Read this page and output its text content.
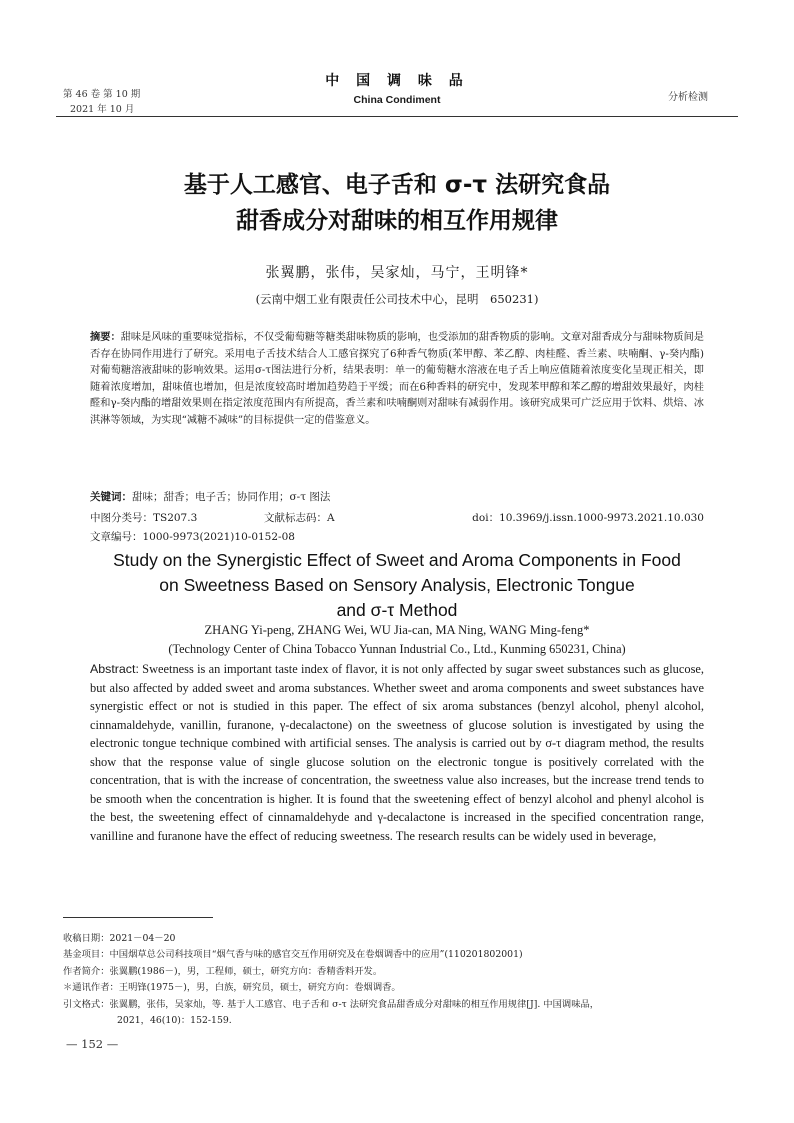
第 46 卷 第 10 期
2021 年 10 月
中 国 调 味 品
China Condiment	分析检测
基于人工感官、电子舌和 σ-τ 法研究食品
甜香成分对甜味的相互作用规律
张翼鹏，张伟，吴家灿，马宁，王明锋*
(云南中烟工业有限责任公司技术中心，昆明　650231)
摘要：甜味是风味的重要味觉指标，不仅受葡萄糖等糖类甜味物质的影响，也受添加的甜香物质的影响。文章对甜香成分与甜味物质间是否存在协同作用进行了研究。采用电子舌技术结合人工感官探究了6种香气物质(苯甲醇、苯乙醇、肉桂醛、香兰素、呋喃酮、γ-癸内酯)对葡萄糖溶液甜味的影响效果。运用σ-τ图法进行分析，结果表明：单一的葡萄糖水溶液在电子舌上响应值随着浓度变化呈现正相关，即随着浓度增加，甜味值也增加，但是浓度较高时增加趋势趋于平缓；而在6种香料的研究中，发现苯甲醇和苯乙醇的增甜效果最好，肉桂醛和γ-癸内酯的增甜效果则在指定浓度范围内有所提高，香兰素和呋喃酮则对甜味有减弱作用。该研究成果可广泛应用于饮料、烘焙、冰淇淋等领域，为实现“减糖不减味”的目标提供一定的借鉴意义。
关键词：甜味；甜香；电子舌；协同作用；σ-τ 图法
中图分类号：TS207.3	文献标志码：A	doi：10.3969/j.issn.1000-9973.2021.10.030
文章编号：1000-9973(2021)10-0152-08
Study on the Synergistic Effect of Sweet and Aroma Components in Food
on Sweetness Based on Sensory Analysis, Electronic Tongue
and σ-τ Method
ZHANG Yi-peng, ZHANG Wei, WU Jia-can, MA Ning, WANG Ming-feng*
(Technology Center of China Tobacco Yunnan Industrial Co., Ltd., Kunming 650231, China)
Abstract: Sweetness is an important taste index of flavor, it is not only affected by sugar sweet substances such as glucose, but also affected by added sweet and aroma substances. Whether sweet and aroma components and sweet substances have synergistic effect or not is studied in this paper. The effect of six aroma substances (benzyl alcohol, phenyl alcohol, cinnamaldehyde, vanillin, furanone, γ-decalactone) on the sweetness of glucose solution is investigated by using the electronic tongue technique combined with artificial senses. The analysis is carried out by σ-τ diagram method, the results show that the response value of single glucose solution on the electronic tongue is positively correlated with the concentration, that is with the increase of concentration, the sweetness value also increases, but the increase trend tends to be smooth when the concentration is higher. It is found that the sweetening effect of benzyl alcohol and phenyl alcohol is the best, the sweetening effect of cinnamaldehyde and γ-decalactone is increased in the specified concentration range, vanilline and furanone have the effect of reducing sweetness. The research results can be widely used in beverage,
收稿日期：2021－04－20
基金项目：中国烟草总公司科技项目“烟气香与味的感官交互作用研究及在卷烟调香中的应用”(110201802001)
作者简介：张翼鹏(1986－)，男，工程师，硕士，研究方向：香精香料开发。
＊通讯作者：王明锋(1975－)，男，白族，研究员，硕士，研究方向：卷烟调香。
引文格式：张翼鹏，张伟，吴家灿，等. 基于人工感官、电子舌和 σ-τ 法研究食品甜香成分对甜味的相互作用规律[J]. 中国调味品，
2021，46(10)：152-159.
— 152 —
